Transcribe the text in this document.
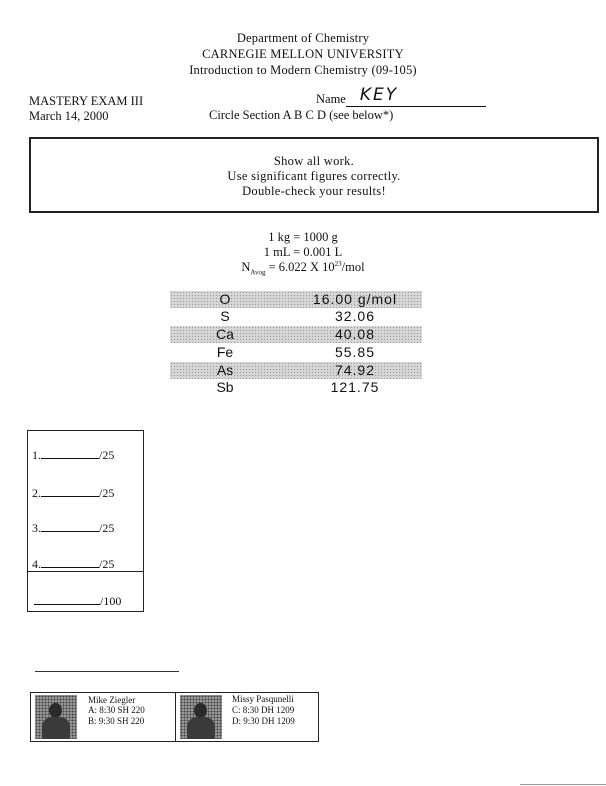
Department of Chemistry
CARNEGIE MELLON UNIVERSITY
Introduction to Modern Chemistry (09-105)
MASTERY EXAM III
March 14, 2000
Name KEY
Circle Section A B C D (see below*)
Show all work.
Use significant figures correctly.
Double-check your results!
1 kg = 1000 g
1 mL = 0.001 L
$N_{Avog} = 6.022$ X $10^{23}$/mol
O	16.00 g/mol
S	32.06
Ca	40.08
Fe	55.85
As	74.92
Sb	121.75
1.	/25
2.	/25
3.	/25
4.	/25
/100
Mike Ziegler
A: 8:30 SH 220
B: 9:30 SH 220
Missy Pasqunelli
C: 8:30 DH 1209
D: 9:30 DH 1209
